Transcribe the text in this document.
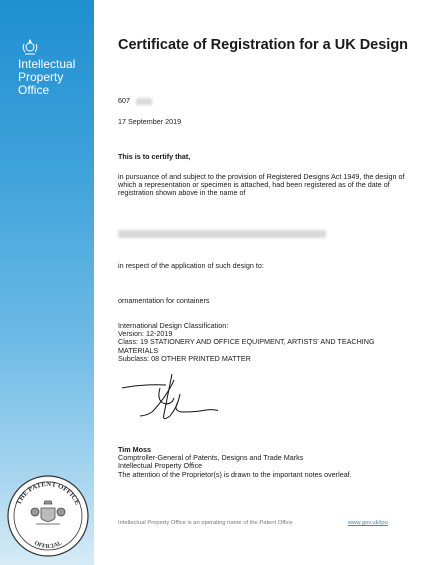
Intellectual
Property
Office
THE PATENT OFFICE
OFFICIAL
Certificate of Registration for a UK Design
607
17 September 2019
This is to certify that,
in pursuance of and subject to the provision of Registered Designs Act 1949, the design of which a representation or specimen is attached, had been registered as of the date of registration shown above in the name of
in respect of the application of such design to:
ornamentation for containers
International Design Classification:
Version: 12-2019
Class: 19 STATIONERY AND OFFICE EQUIPMENT, ARTISTS' AND TEACHING MATERIALS
Subclass: 08 OTHER PRINTED MATTER
Tim Moss
Comptroller-General of Patents, Designs and Trade Marks
Intellectual Property Office
The attention of the Proprietor(s) is drawn to the important notes overleaf.
Intellectual Property Office is an operating name of the Patent Office	www.gov.uk/ipo
